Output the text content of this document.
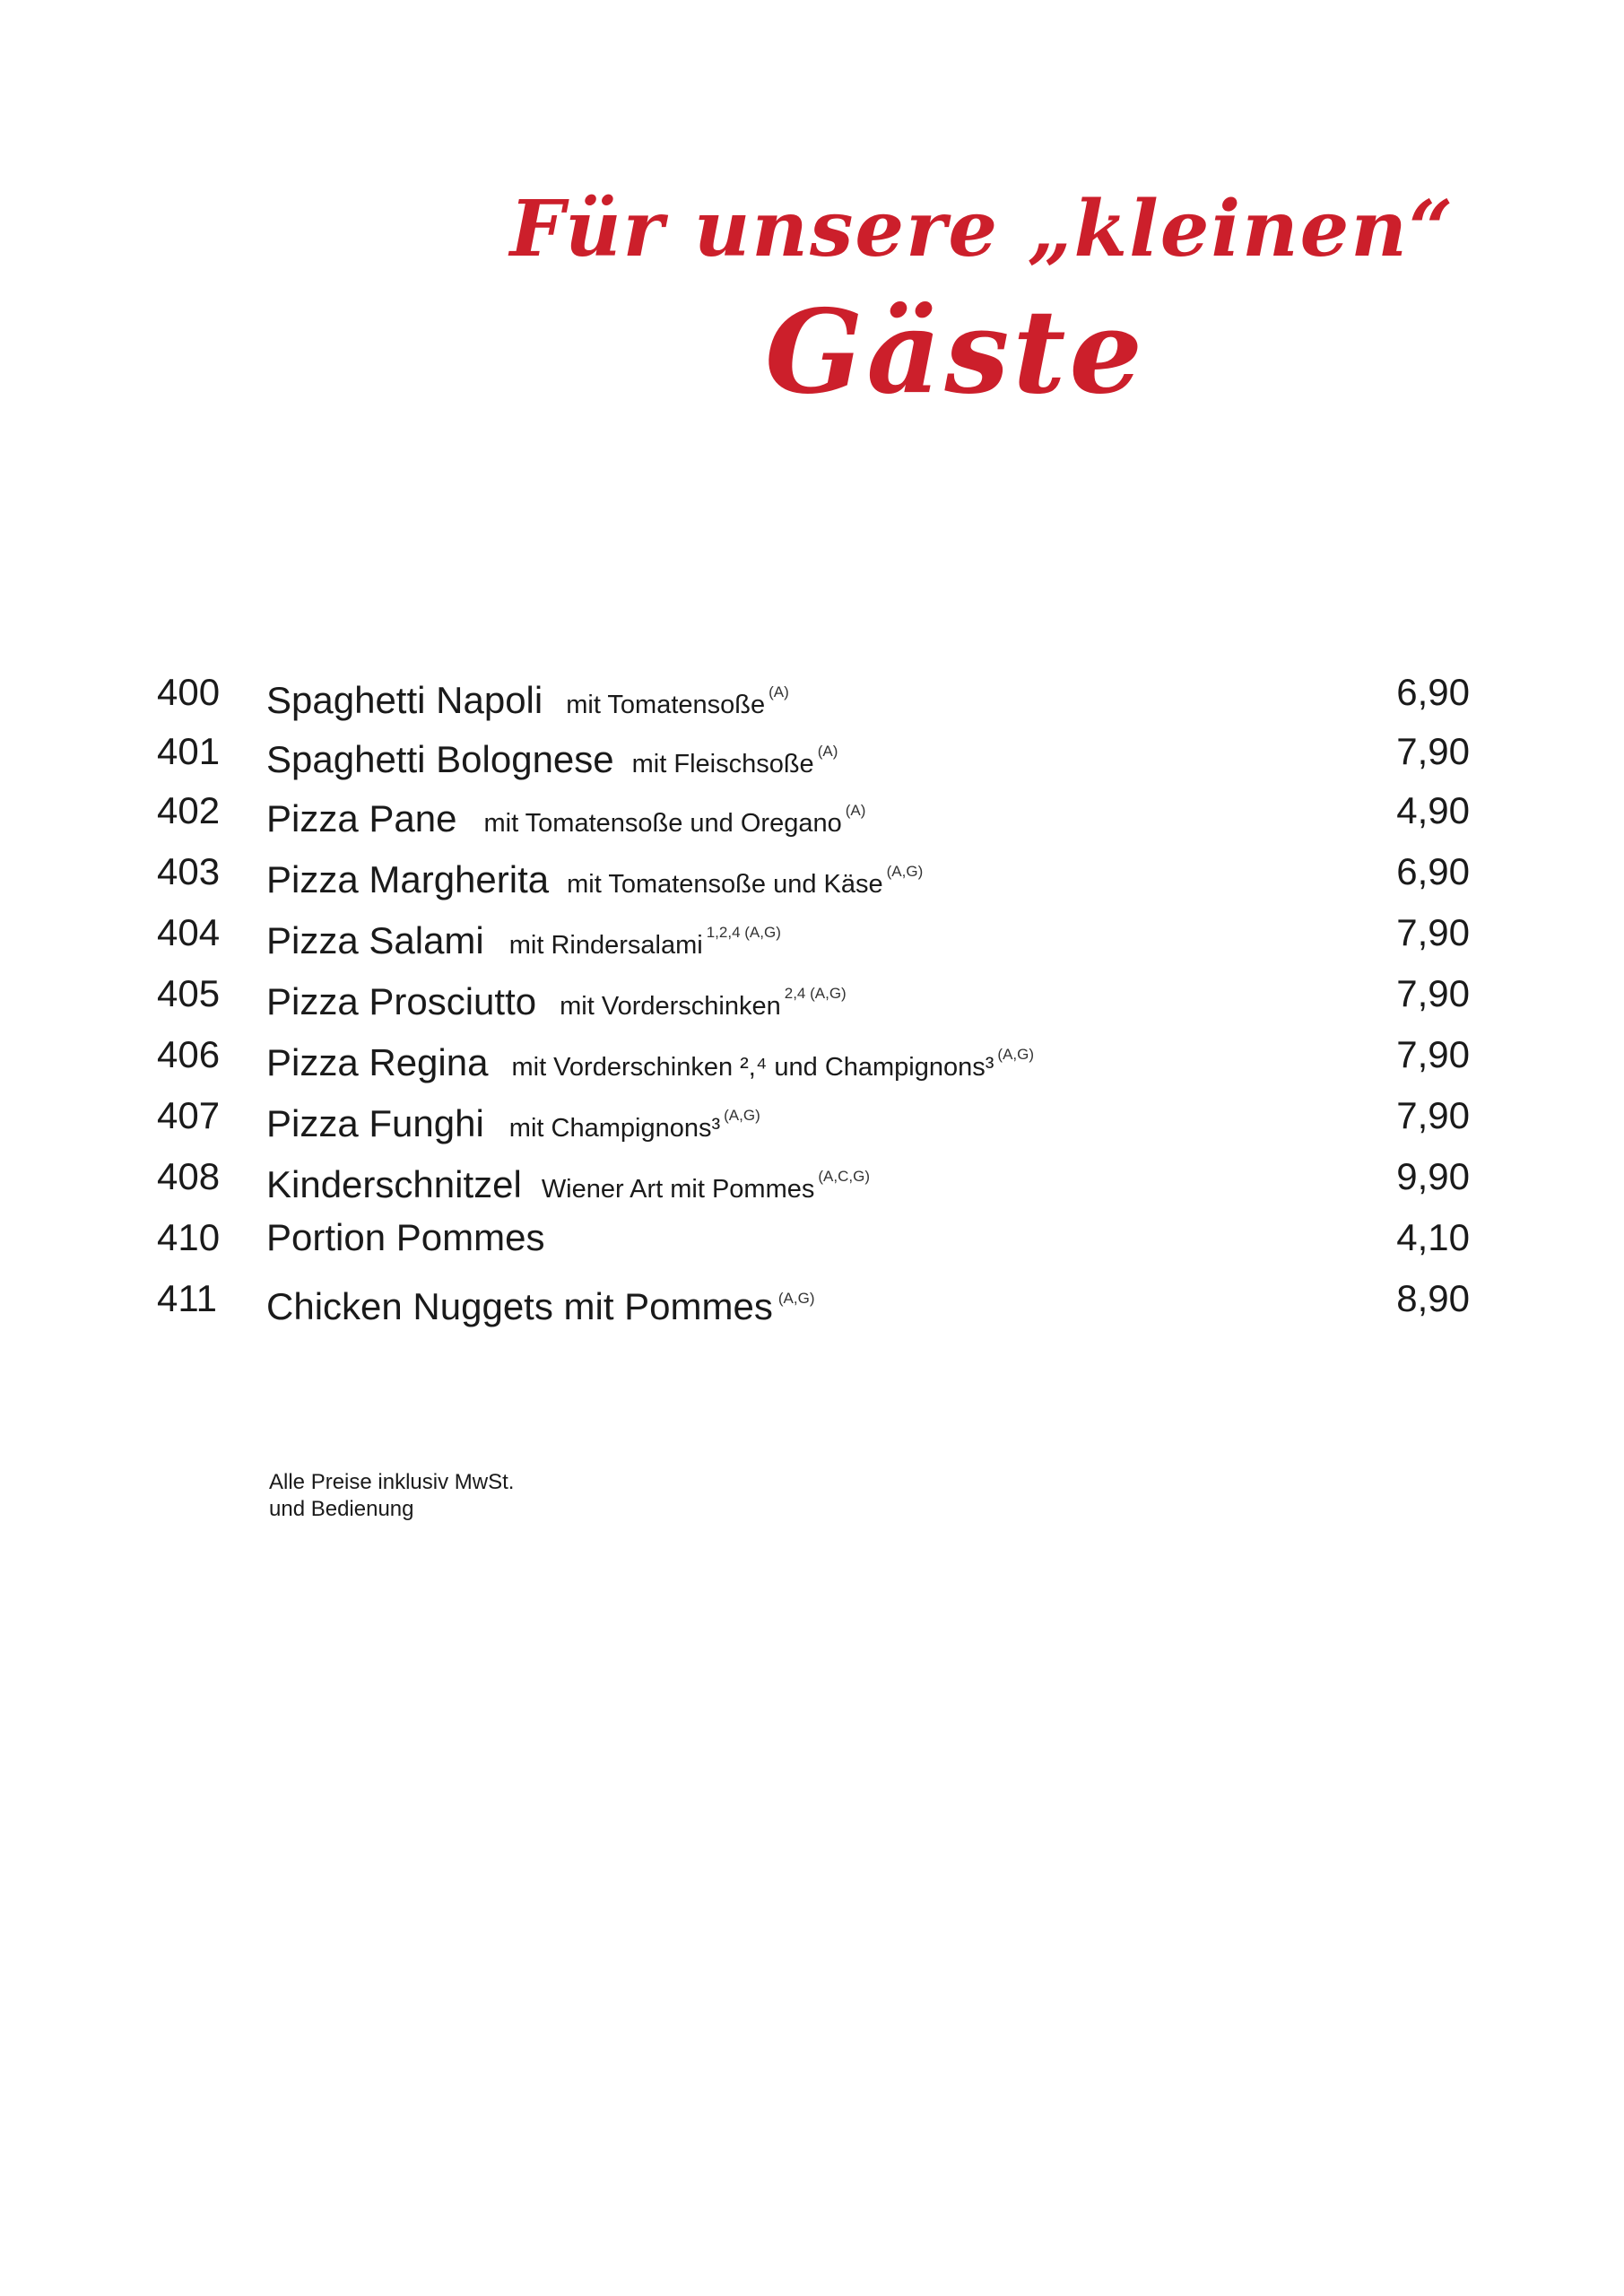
Für unsere „kleinen“
Gäste
400 Spaghetti Napoli mit Tomatensoße (A)	6,90
401 Spaghetti Bolognese mit Fleischsoße (A)	7,90
402 Pizza Pane mit Tomatensoße und Oregano (A)	4,90
403 Pizza Margherita mit Tomatensoße und Käse (A,G)	6,90
404 Pizza Salami mit Rindersalami 1,2,4 (A,G)	7,90
405 Pizza Prosciutto mit Vorderschinken 2,4 (A,G)	7,90
406 Pizza Regina mit Vorderschinken ²,⁴ und Champignons³ (A,G)	7,90
407 Pizza Funghi mit Champignons³ (A,G)	7,90
408 Kinderschnitzel Wiener Art mit Pommes (A,C,G)	9,90
410 Portion Pommes	4,10
411 Chicken Nuggets mit Pommes (A,G)	8,90
Alle Preise inklusiv MwSt.
und Bedienung
